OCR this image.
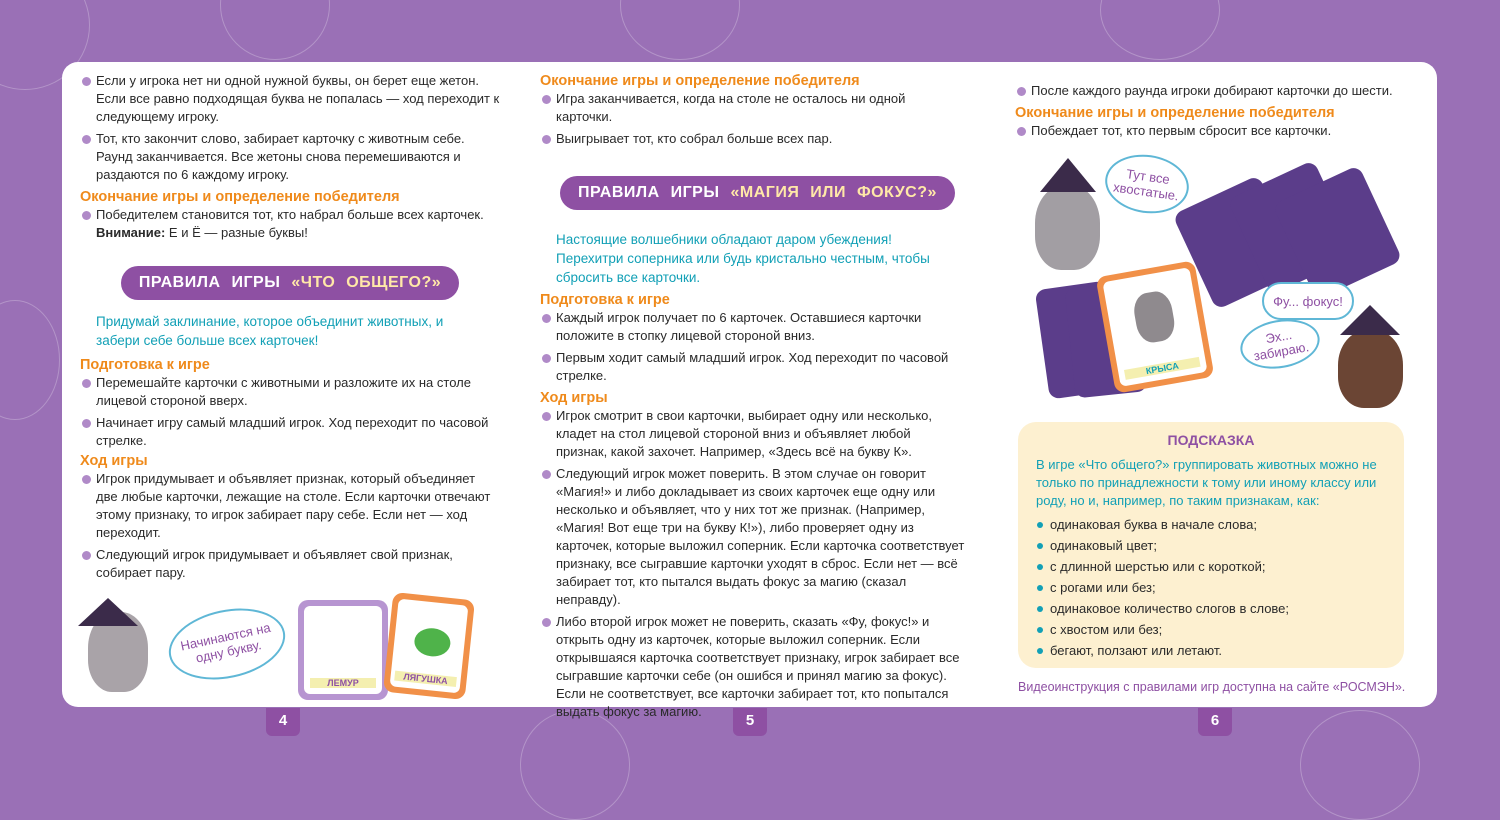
Если у игрока нет ни одной нужной буквы, он берет еще жетон. Если все равно подходящая буква не попалась — ход переходит к следующему игроку.
Тот, кто закончит слово, забирает карточку с животным себе. Раунд заканчивается. Все жетоны снова перемешиваются и раздаются по 6 каждому игроку.
Окончание игры и определение победителя
Победителем становится тот, кто набрал больше всех карточек.
Внимание: Е и Ё — разные буквы!
ПРАВИЛА ИГРЫ «ЧТО ОБЩЕГО?»
Придумай заклинание, которое объединит животных, и забери себе больше всех карточек!
Подготовка к игре
Перемешайте карточки с животными и разложите их на столе лицевой стороной вверх.
Начинает игру самый младший игрок. Ход переходит по часовой стрелке.
Ход игры
Игрок придумывает и объявляет признак, который объединяет две любые карточки, лежащие на столе. Если карточки отвечают этому признаку, то игрок забирает пару себе. Если нет — ход переходит.
Следующий игрок придумывает и объявляет свой признак, собирает пару.
Начинаются на одну букву.
ЛЕМУР	ЛЯГУШКА
4
Окончание игры и определение победителя
Игра заканчивается, когда на столе не осталось ни одной карточки.
Выигрывает тот, кто собрал больше всех пар.
ПРАВИЛА ИГРЫ «МАГИЯ ИЛИ ФОКУС?»
Настоящие волшебники обладают даром убеждения! Перехитри соперника или будь кристально честным, чтобы сбросить все карточки.
Подготовка к игре
Каждый игрок получает по 6 карточек. Оставшиеся карточки положите в стопку лицевой стороной вниз.
Первым ходит самый младший игрок. Ход переходит по часовой стрелке.
Ход игры
Игрок смотрит в свои карточки, выбирает одну или несколько, кладет на стол лицевой стороной вниз и объявляет любой признак, какой захочет. Например, «Здесь всё на букву К».
Следующий игрок может поверить. В этом случае он говорит «Магия!» и либо докладывает из своих карточек еще одну или несколько и объявляет, что у них тот же признак. (Например, «Магия! Вот еще три на букву К!»), либо проверяет одну из карточек, которые выложил соперник. Если карточка соответствует признаку, все сыгравшие карточки уходят в сброс. Если нет — всё забирает тот, кто пытался выдать фокус за магию (сказал неправду).
Либо второй игрок может не поверить, сказать «Фу, фокус!» и открыть одну из карточек, которые выложил соперник. Если открывшаяся карточка соответствует признаку, игрок забирает все сыгравшие карточки себе (он ошибся и принял магию за фокус). Если не соответствует, все карточки забирает тот, кто попытался выдать фокус за магию.
5
После каждого раунда игроки добирают карточки до шести.
Окончание игры и определение победителя
Побеждает тот, кто первым сбросит все карточки.
Тут все хвостатые.
КРЫСА
Фу... фокус!
Эх... забираю.
ПОДСКАЗКА
В игре «Что общего?» группировать животных можно не только по принадлежности к тому или иному классу или роду, но и, например, по таким признакам, как:
одинаковая буква в начале слова;
одинаковый цвет;
с длинной шерстью или с короткой;
с рогами или без;
одинаковое количество слогов в слове;
с хвостом или без;
бегают, ползают или летают.
Видеоинструкция с правилами игр доступна на сайте «РОСМЭН».
6
